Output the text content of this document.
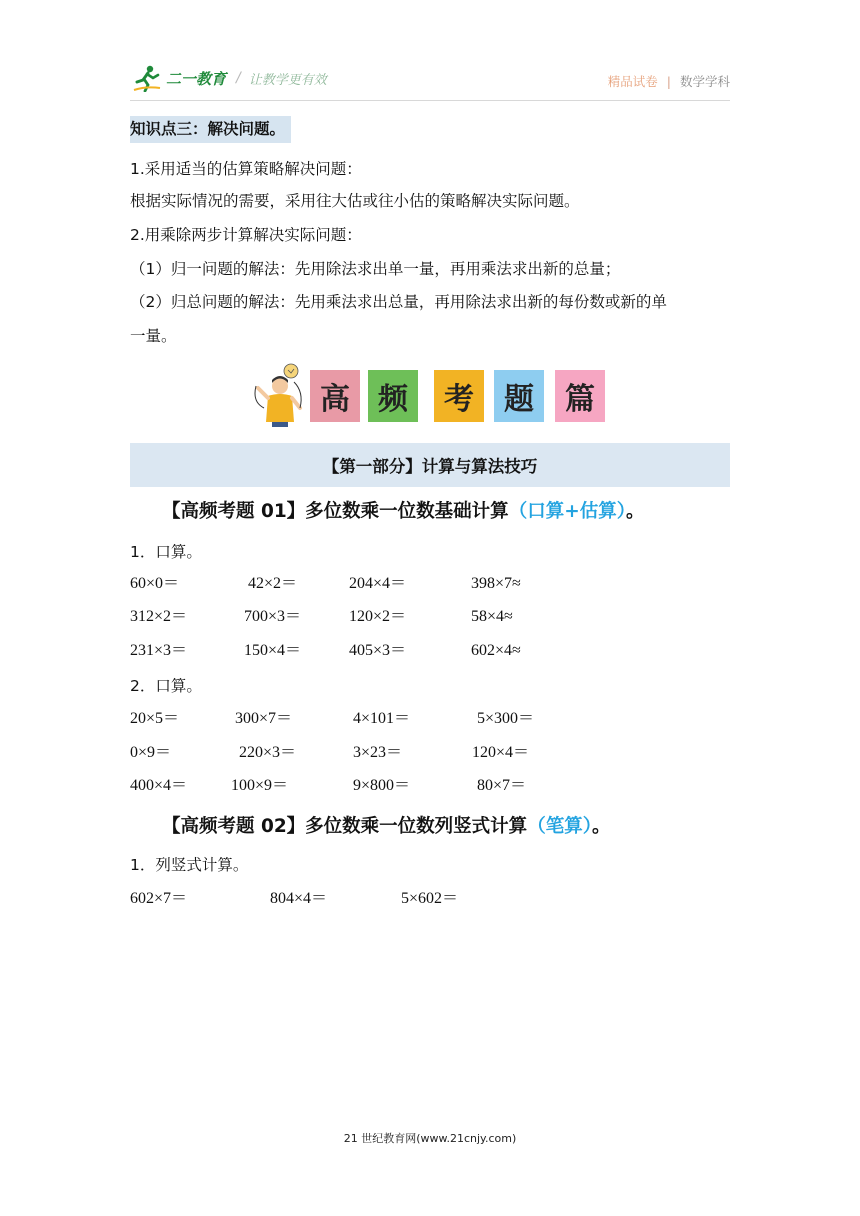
二一教育 / 让教学更有效	精品试卷 | 数学学科
知识点三：解决问题。
1.采用适当的估算策略解决问题：
根据实际情况的需要，采用往大估或往小估的策略解决实际问题。
2.用乘除两步计算解决实际问题：
（1）归一问题的解法：先用除法求出单一量，再用乘法求出新的总量；
（2）归总问题的解法：先用乘法求出总量，再用除法求出新的每份数或新的单
一量。
高 频	考	题	篇
【第一部分】计算与算法技巧
【高频考题 01】多位数乘一位数基础计算（口算+估算）。
1．口算。
60×0＝	42×2＝	204×4＝	398×7≈
312×2＝	700×3＝	120×2＝	58×4≈
231×3＝	150×4＝	405×3＝	602×4≈
2．口算。
20×5＝	300×7＝	4×101＝	5×300＝
0×9＝	220×3＝	3×23＝	120×4＝
400×4＝	100×9＝	9×800＝	80×7＝
【高频考题 02】多位数乘一位数列竖式计算（笔算）。
1．列竖式计算。
602×7＝	804×4＝	5×602＝
21 世纪教育网(www.21cnjy.com)
